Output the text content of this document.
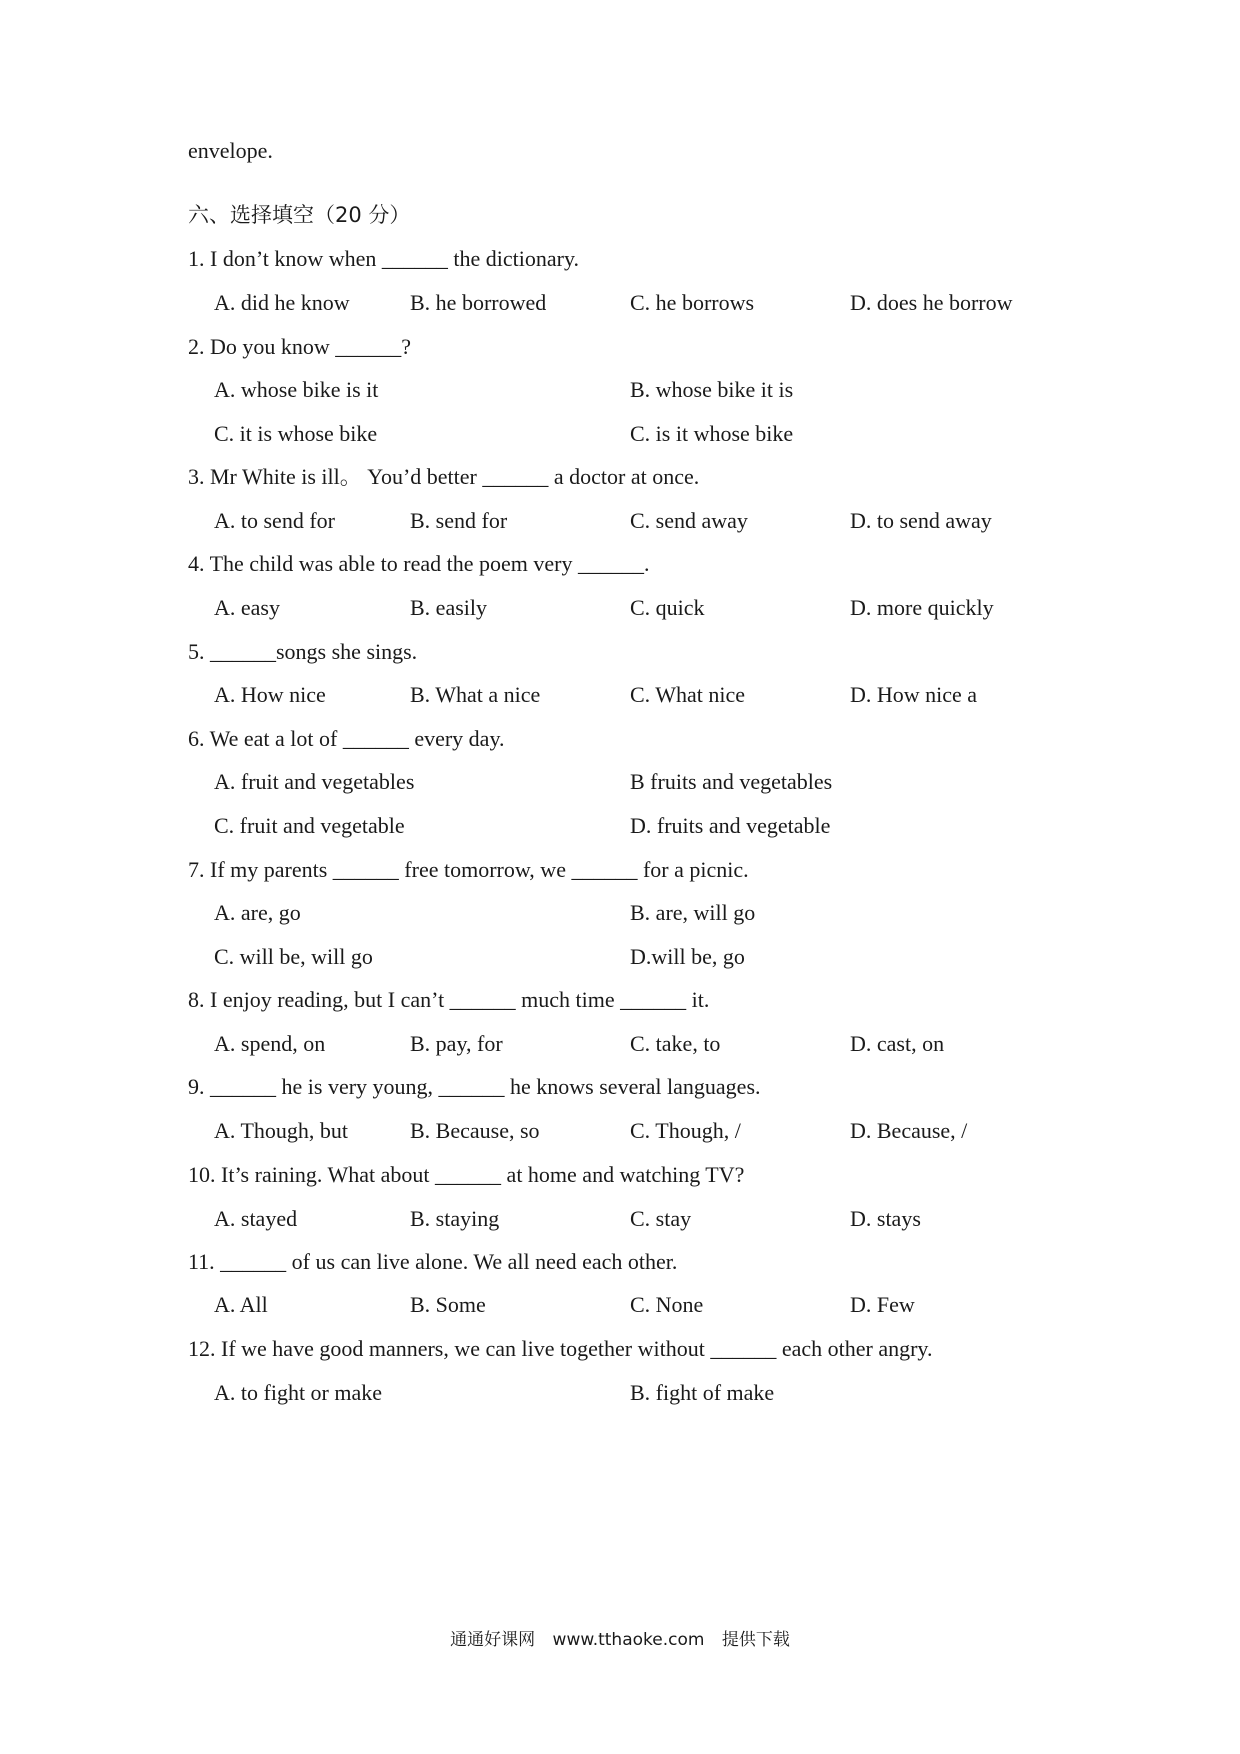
envelope.
六、选择填空（20 分）
1. I don’t know when ______ the dictionary.
A. did he know	B. he borrowed	C. he borrows	D. does he borrow
2. Do you know ______?
A. whose bike is it	B. whose bike it is
C. it is whose bike	C. is it whose bike
3. Mr White is ill。 You’d better ______ a doctor at once.
A. to send for	B. send for	C. send away	D. to send away
4. The child was able to read the poem very ______.
A. easy	B. easily	C. quick	D. more quickly
5. ______songs she sings.
A. How nice	B. What a nice	C. What nice	D. How nice a
6. We eat a lot of ______ every day.
A. fruit and vegetables	B fruits and vegetables
C. fruit and vegetable	D. fruits and vegetable
7. If my parents ______ free tomorrow, we ______ for a picnic.
A. are, go	B. are, will go
C. will be, will go	D.will be, go
8. I enjoy reading, but I can’t ______ much time ______ it.
A. spend, on	B. pay, for	C. take, to	D. cast, on
9. ______ he is very young, ______ he knows several languages.
A. Though, but	B. Because, so	C. Though, /	D. Because, /
10. It’s raining. What about ______ at home and watching TV?
A. stayed	B. staying	C. stay	D. stays
11. ______ of us can live alone. We all need each other.
A. All	B. Some	C. None	D. Few
12. If we have good manners, we can live together without ______ each other angry.
A. to fight or make	B. fight of make
通通好课网 www.tthaoke.com 提供下载
